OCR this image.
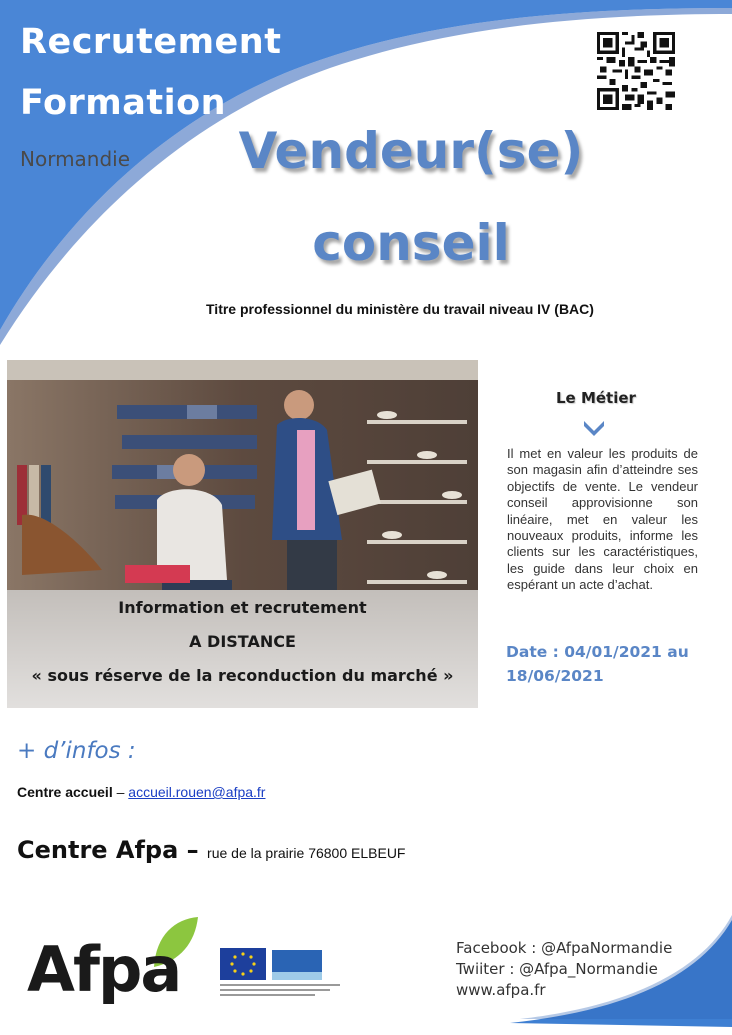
Recrutement
Formation
Normandie	Vendeur(se)
conseil
Titre professionnel du ministère du travail niveau IV (BAC)
Information et recrutement
A DISTANCE
« sous réserve de la reconduction du marché »
Le Métier
Il met en valeur les produits de son magasin afin d’atteindre ses objectifs de vente. Le vendeur conseil approvisionne son linéaire, met en valeur les nouveaux produits, informe les clients sur les caractéristiques, les guide dans leur choix en espérant un acte d’achat.
Date : 04/01/2021 au
18/06/2021
+ d’infos :
Centre accueil – accueil.rouen@afpa.fr
Centre Afpa – rue de la prairie 76800 ELBEUF
Afpa	Facebook : @AfpaNormandie
Twiiter : @Afpa_Normandie
www.afpa.fr
